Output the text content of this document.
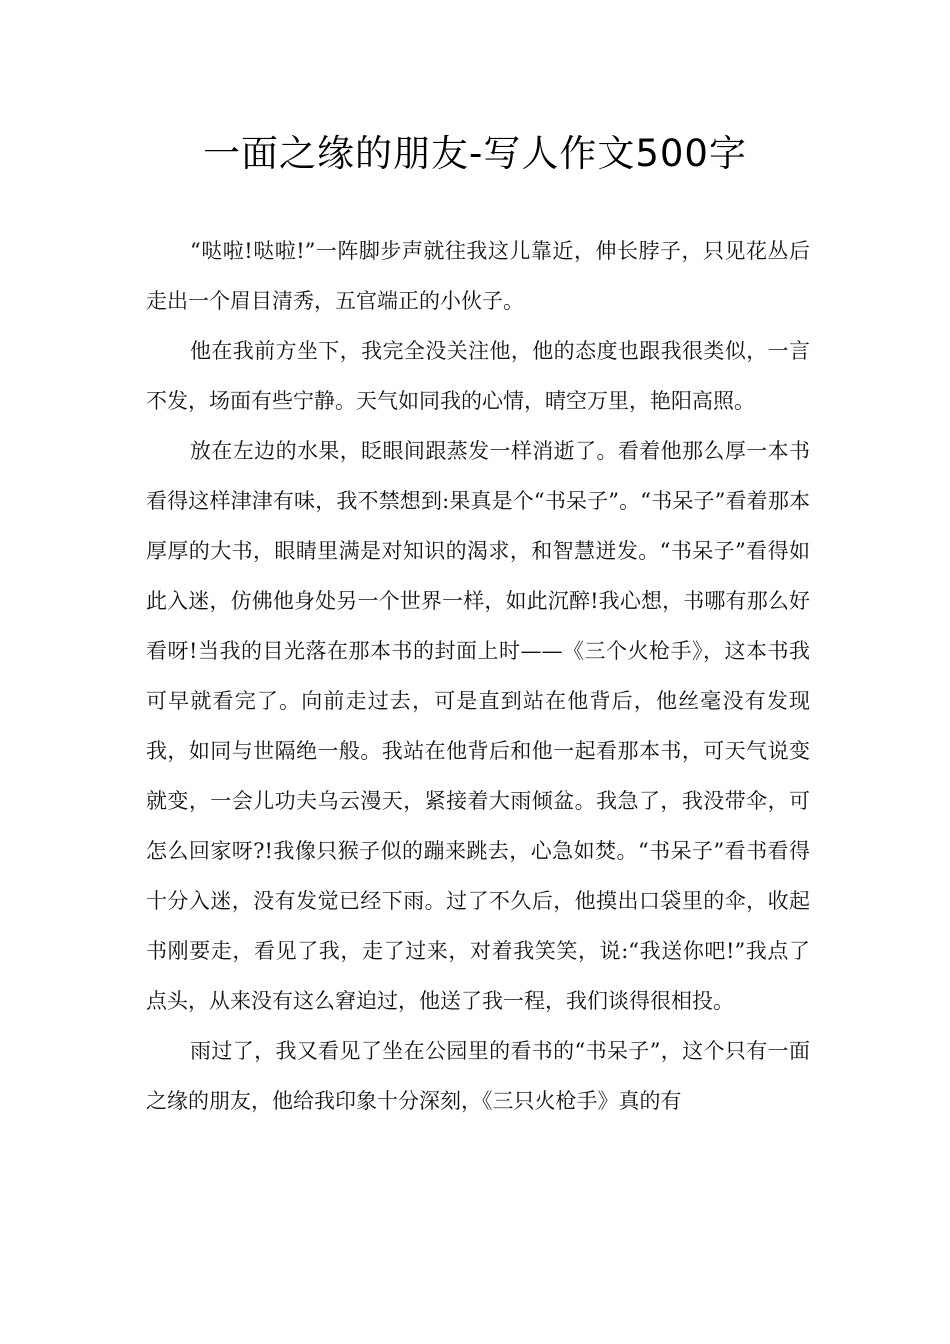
一面之缘的朋友-写人作文500字

“哒啦!哒啦!”一阵脚步声就往我这儿靠近，伸长脖子，只见花丛后走出一个眉目清秀，五官端正的小伙子。

他在我前方坐下，我完全没关注他，他的态度也跟我很类似，一言不发，场面有些宁静。天气如同我的心情，晴空万里，艳阳高照。

放在左边的水果，眨眼间跟蒸发一样消逝了。看着他那么厚一本书看得这样津津有味，我不禁想到:果真是个“书呆子”。“书呆子”看着那本厚厚的大书，眼睛里满是对知识的渴求，和智慧迸发。“书呆子”看得如此入迷，仿佛他身处另一个世界一样，如此沉醉!我心想，书哪有那么好看呀!当我的目光落在那本书的封面上时——《三个火枪手》，这本书我可早就看完了。向前走过去，可是直到站在他背后，他丝毫没有发现我，如同与世隔绝一般。我站在他背后和他一起看那本书，可天气说变就变，一会儿功夫乌云漫天，紧接着大雨倾盆。我急了，我没带伞，可怎么回家呀?!我像只猴子似的蹦来跳去，心急如焚。“书呆子”看书看得十分入迷，没有发觉已经下雨。过了不久后，他摸出口袋里的伞，收起书刚要走，看见了我，走了过来，对着我笑笑，说:“我送你吧!”我点了点头，从来没有这么窘迫过，他送了我一程，我们谈得很相投。

雨过了，我又看见了坐在公园里的看书的“书呆子”，这个只有一面之缘的朋友，他给我印象十分深刻，《三只火枪手》真的有
